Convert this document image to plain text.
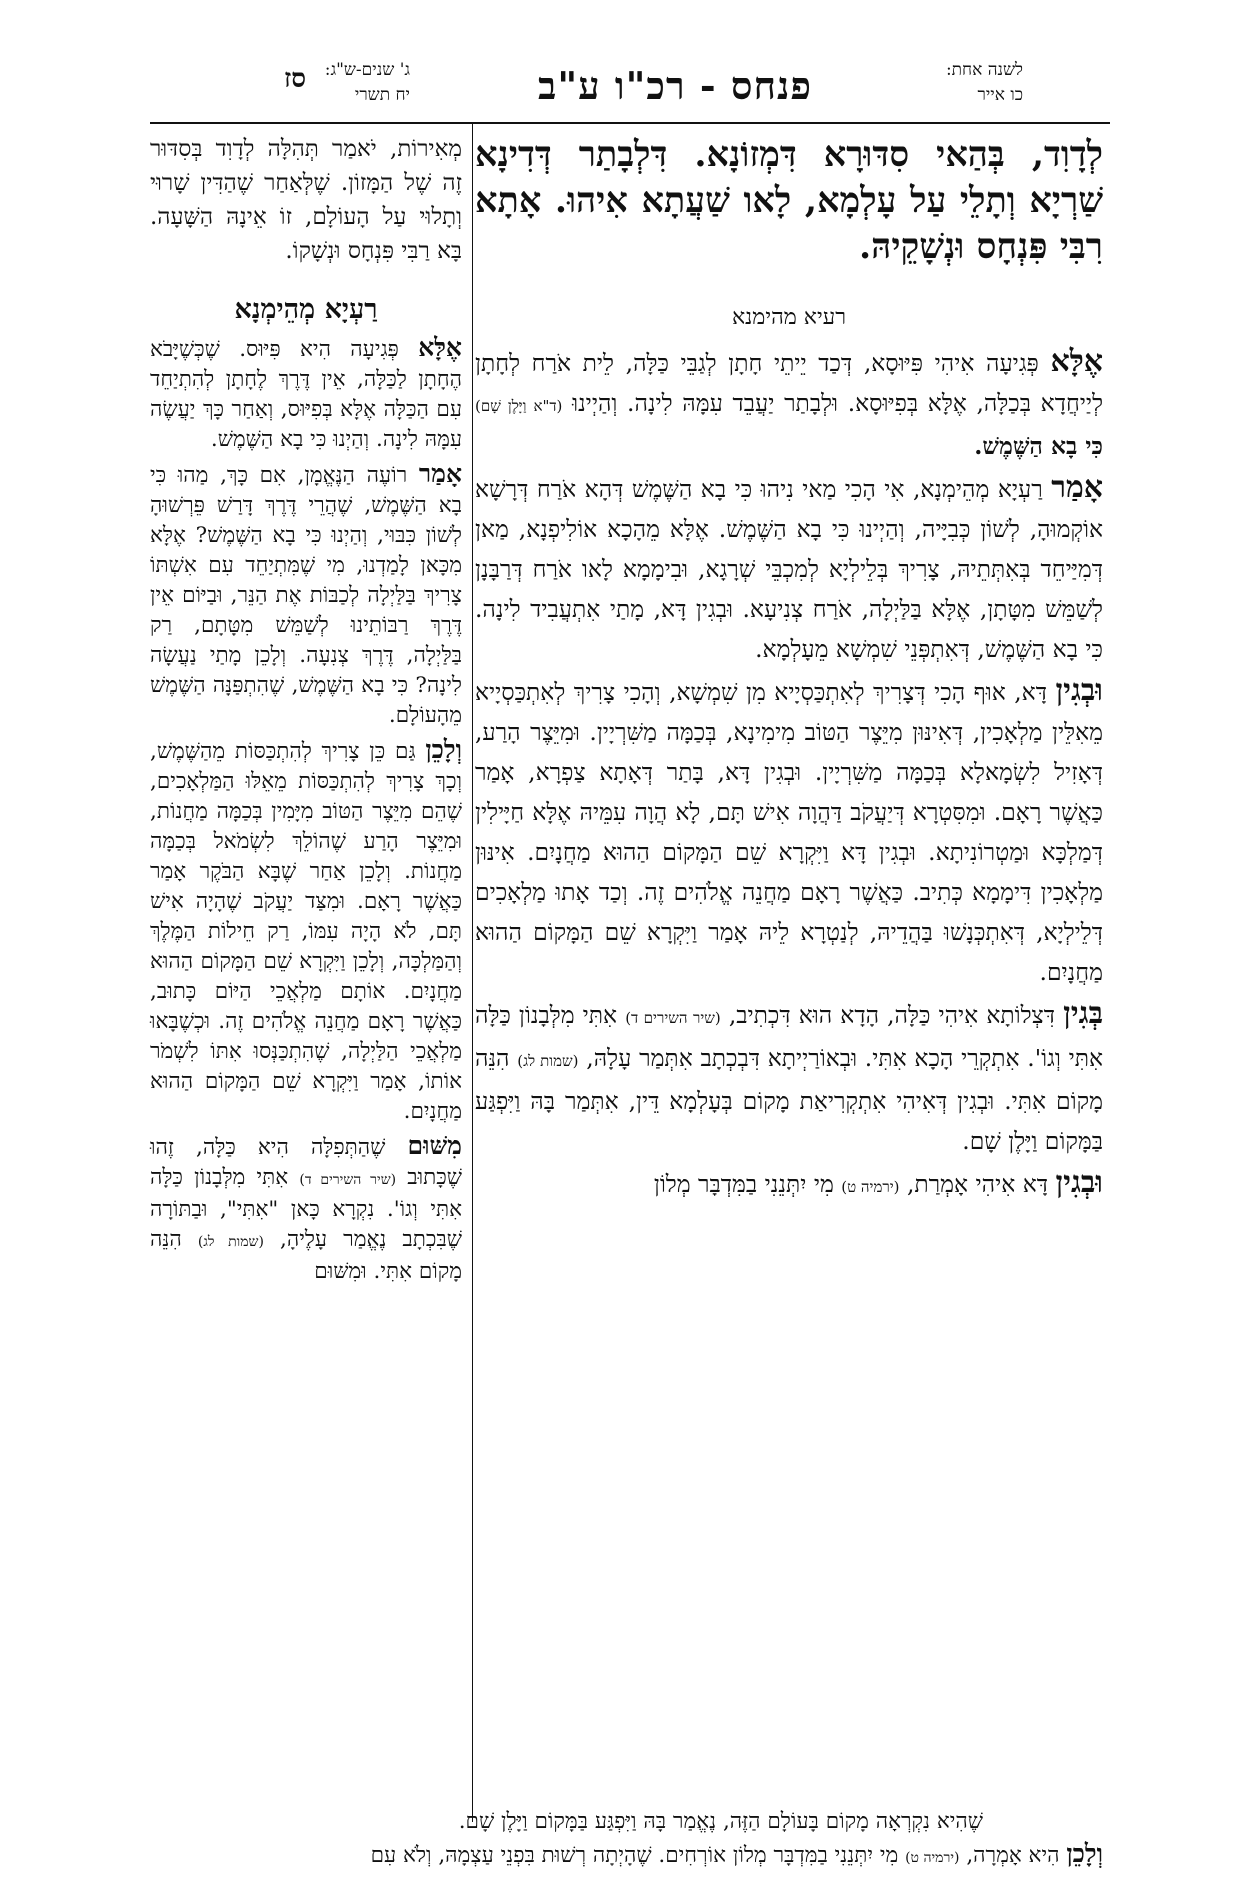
לשנה אחת:
כו אייר
פנחס - רכ"ו ע"ב
ג' שנים-ש"ג:
יח תשרי
סז

לְדָוִד, בְּהַאי סִדּוּרָא דִּמְזוֹנָא. דִּלְבָתַר דְּדִינָא שַׁרְיָא וְתָלֵי עַל עָלְמָא, לָאו שַׁעֲתָא אִיהוּ. אָתָא רִבִּי פִּנְחָס וּנְשָׁקֵיהּ.

רעיא מהימנא

אֶלָּא פְּגִיעָה אִיהִי פִּיּוּסָא, דְּכַד יֵיתֵי חָתָן לְגַבֵּי כַּלָּה, לֵית אֹרַח לְחָתָן לְיַיחֲדָא בְּכַלָּה, אֶלָּא בְּפִיּוּסָא. וּלְבָתַר יַעֲבֵד עִמָּהּ לִינָה. וְהַיְינוּ (ד"א וַיָּלֶן שָׁם) כִּי בָא הַשֶּׁמֶשׁ.

אָמַר רַעְיָא מְהֵימְנָא, אִי הָכִי מַאי נִיהוּ כִּי בָא הַשֶּׁמֶשׁ דְּהָא אֹרַח דְּרָשָׁא אוֹקְמוּהָ, לְשׁוֹן כְּבִיָּיה, וְהַיְינוּ כִּי בָא הַשֶּׁמֶשׁ. אֶלָּא מֵהָכָא אוֹלִיפְנָא, מַאן דְּמִיַּיחֵד בְּאִתְּתֵיהּ, צָרִיךְ בְּלֵילְיָא לְמִכְבֵּי שְׁרָגָא, וּבִימָמָא לָאו אֹרַח דְּרַבָּנָן לְשַׁמֵּשׁ מִטָּתָן, אֶלָּא בַּלַּיְלָה, אֹרַח צְנִיעָא. וּבְגִין דָּא, מָתַי אִתְעֲבִיד לִינָה. כִּי בָא הַשֶּׁמֶשׁ, דְּאִתְפְּנֵי שִׁמְשָׁא מֵעָלְמָא.

וּבְגִין דָּא, אוּף הָכִי דְּצָרִיךְ לְאִתְכַּסְיָיא מִן שִׁמְשָׁא, וְהָכִי צָרִיךְ לְאִתְכַּסְיָיא מֵאִלֵּין מַלְאָכִין, דְּאִינּוּן מִיֵּצֶר הַטּוֹב מִימִינָא, בְּכַמָּה מַשִּׁרְיָין. וּמִיֵּצֶר הָרַע, דְּאָזִיל לִשְׂמָאלָא בְּכַמָּה מַשִּׁרְיָין. וּבְגִין דָּא, בָּתַר דְּאָתָא צַפְרָא, אָמַר כַּאֲשֶׁר רָאָם. וּמִסִּטְרָא דְּיַעֲקֹב דַּהֲוָה אִישׁ תָּם, לָא הֲוָה עִמֵּיהּ אֶלָּא חַיָּילִין דְּמַלְכָּא וּמַטְרוֹנִיתָא. וּבְגִין דָּא וַיִּקְרָא שֵׁם הַמָּקוֹם הַהוּא מַחֲנָיִם. אִינּוּן מַלְאָכִין דִּימָמָא כְּתִיב. כַּאֲשֶׁר רָאָם מַחֲנֵה אֱלֹהִים זֶה. וְכַד אָתוּ מַלְאָכִים דְּלֵילְיָא, דְּאִתְכְּנָשׁוּ בַּהֲדֵיהּ, לְנַטְרָא לֵיהּ אָמַר וַיִּקְרָא שֵׁם הַמָּקוֹם הַהוּא מַחֲנָיִם.

בְּגִין דִּצְלוֹתָא אִיהִי כַּלָּה, הָדָא הוּא דִּכְתִיב, (שיר השירים ד) אִתִּי מִלְּבָנוֹן כַּלָּה אִתִּי וְגוֹ'. אִתְקְרֵי הָכָא אִתִּי. וּבְאוֹרַיְיתָא דִּבְכְתָב אִתְּמַר עָלָהּ, (שמות לג) הִנֵּה מָקוֹם אִתִּי. וּבְגִין דְּאִיהִי אִתְקְרִיאַת מָקוֹם בְּעָלְמָא דֵּין, אִתְּמַר בָּהּ וַיִּפְגַּע בַּמָּקוֹם וַיָּלֶן שָׁם.

וּבְגִין דָּא אִיהִי אָמְרַת, (ירמיה ט) מִי יִתְּנֵנִי בַמִּדְבָּר מְלוֹן

מְאִירוֹת, יֹאמַר תְּהִלָּה לְדָוִד בְּסִדּוּר זֶה שֶׁל הַמָּזוֹן. שֶׁלְּאַחַר שֶׁהַדִּין שָׁרוּי וְתָלוּי עַל הָעוֹלָם, זוֹ אֵינָהּ הַשָּׁעָה. בָּא רַבִּי פִּנְחָס וּנְשָׁקוֹ.

רַעְיָא מְהֵימְנָא

אֶלָּא פְּגִיעָה הִיא פִּיּוּס. שֶׁכְּשֶׁיָּבֹא הֶחָתָן לַכַּלָּה, אֵין דֶּרֶךְ לֶחָתָן לְהִתְיַחֵד עִם הַכַּלָּה אֶלָּא בְּפִיּוּס, וְאַחַר כָּךְ יַעֲשֶׂה עִמָּהּ לִינָה. וְהַיְנוּ כִּי בָא הַשֶּׁמֶשׁ.

אָמַר רוֹעֶה הַנֶּאֱמָן, אִם כָּךְ, מַהוּ כִּי בָא הַשֶּׁמֶשׁ, שֶׁהֲרֵי דֶּרֶךְ דָּרַשׁ פֵּרְשׁוּהָ לְשׁוֹן כִּבּוּי, וְהַיְנוּ כִּי בָא הַשֶּׁמֶשׁ? אֶלָּא מִכָּאן לָמַדְנוּ, מִי שֶׁמִּתְיַחֵד עִם אִשְׁתּוֹ צָרִיךְ בַּלַּיְלָה לְכַבּוֹת אֶת הַנֵּר, וּבַיּוֹם אֵין דֶּרֶךְ רַבּוֹתֵינוּ לְשַׁמֵּשׁ מִטָּתָם, רַק בַּלַּיְלָה, דֶּרֶךְ צְנִעָה. וְלָכֵן מָתַי נַעֲשָׂה לִינָה? כִּי בָא הַשֶּׁמֶשׁ, שֶׁהִתְפַּנָּה הַשֶּׁמֶשׁ מֵהָעוֹלָם.

וְלָכֵן גַּם כֵּן צָרִיךְ לְהִתְכַּסּוֹת מֵהַשֶּׁמֶשׁ, וְכָךְ צָרִיךְ לְהִתְכַּסּוֹת מֵאֵלּוּ הַמַּלְאָכִים, שֶׁהֵם מִיֵּצֶר הַטּוֹב מִיָּמִין בְּכַמָּה מַחֲנוֹת, וּמִיֵּצֶר הָרַע שֶׁהוֹלֵךְ לִשְׂמֹאל בְּכַמָּה מַחֲנוֹת. וְלָכֵן אַחַר שֶׁבָּא הַבֹּקֶר אָמַר כַּאֲשֶׁר רָאָם. וּמִצַּד יַעֲקֹב שֶׁהָיָה אִישׁ תָּם, לֹא הָיָה עִמּוֹ, רַק חֵילוֹת הַמֶּלֶךְ וְהַמַּלְכָּה, וְלָכֵן וַיִּקְרָא שֵׁם הַמָּקוֹם הַהוּא מַחֲנָיִם. אוֹתָם מַלְאֲכֵי הַיּוֹם כָּתוּב, כַּאֲשֶׁר רָאָם מַחֲנֵה אֱלֹהִים זֶה. וּכְשֶׁבָּאוּ מַלְאֲכֵי הַלַּיְלָה, שֶׁהִתְכַּנְּסוּ אִתּוֹ לִשְׁמֹר אוֹתוֹ, אָמַר וַיִּקְרָא שֵׁם הַמָּקוֹם הַהוּא מַחֲנָיִם.

מִשּׁוּם שֶׁהַתְּפִלָּה הִיא כַּלָּה, זֶהוּ שֶׁכָּתוּב (שיר השירים ד) אִתִּי מִלְּבָנוֹן כַּלָּה אִתִּי וְגוֹ'. נִקְרָא כָּאן "אִתִּי", וּבַתּוֹרָה שֶׁבִּכְתָב נֶאֱמַר עָלֶיהָ, (שמות לג) הִנֵּה מָקוֹם אִתִּי. וּמִשּׁוּם

שֶׁהִיא נִקְרְאָה מָקוֹם בָּעוֹלָם הַזֶּה, נֶאֱמַר בָּהּ וַיִּפְגַּע בַּמָּקוֹם וַיָּלֶן שָׁם.

וְלָכֵן הִיא אָמְרָה, (ירמיה ט) מִי יִתְּנֵנִי בַמִּדְבָּר מְלוֹן אוֹרְחִים. שֶׁהָיְתָה רְשׁוּת בִּפְנֵי עַצְמָהּ, וְלֹא עִם
